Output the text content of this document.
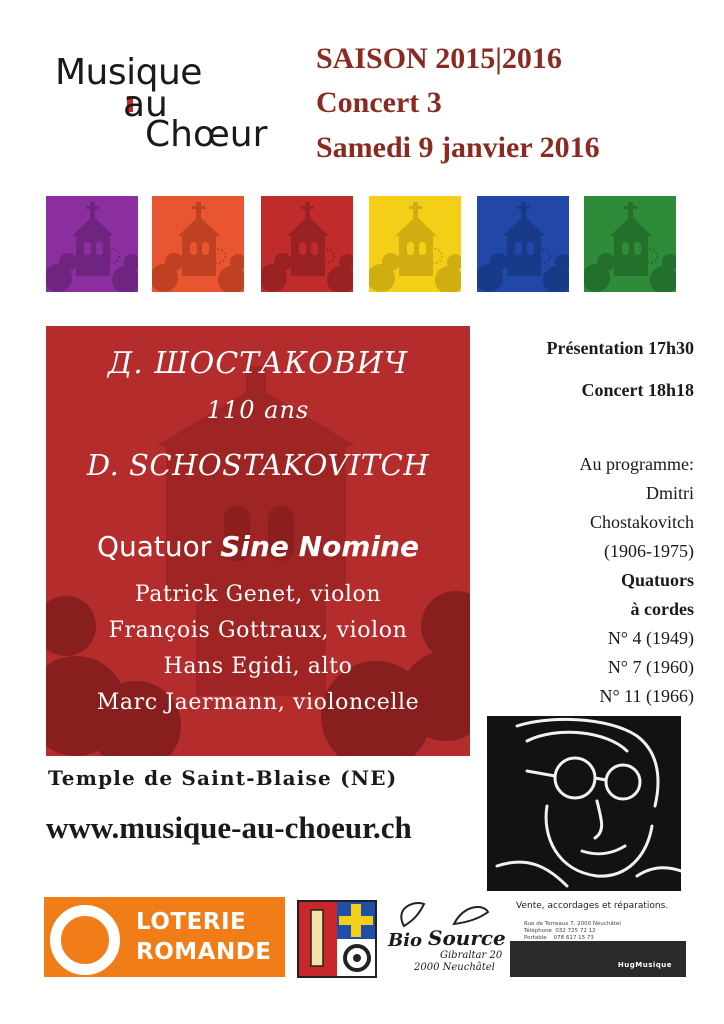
Musique
au
Chœur
SAISON 2015|2016
Concert 3
Samedi 9 janvier 2016
Д. ШОСТАКОВИЧ
110 ans
D. SCHOSTAKOVITCH
Quatuor Sine Nomine
Patrick Genet, violon
François Gottraux, violon
Hans Egidi, alto
Marc Jaermann, violoncelle
Présentation 17h30
Concert 18h18
Au programme:
Dmitri
Chostakovitch
(1906-1975)
Quatuors
à cordes
N° 4 (1949)
N° 7 (1960)
N° 11 (1966)
Temple de Saint-Blaise (NE)
www.musique-au-choeur.ch
LOTERIE
ROMANDE	Bio Source
Gibraltar 20
2000 Neuchâtel
Vente, accordages et réparations.
Rue de Terreaux 7, 2000 Neuchâtel
Téléphone  032 725 72 12
Portable    078 617 15 73
HugMusique
